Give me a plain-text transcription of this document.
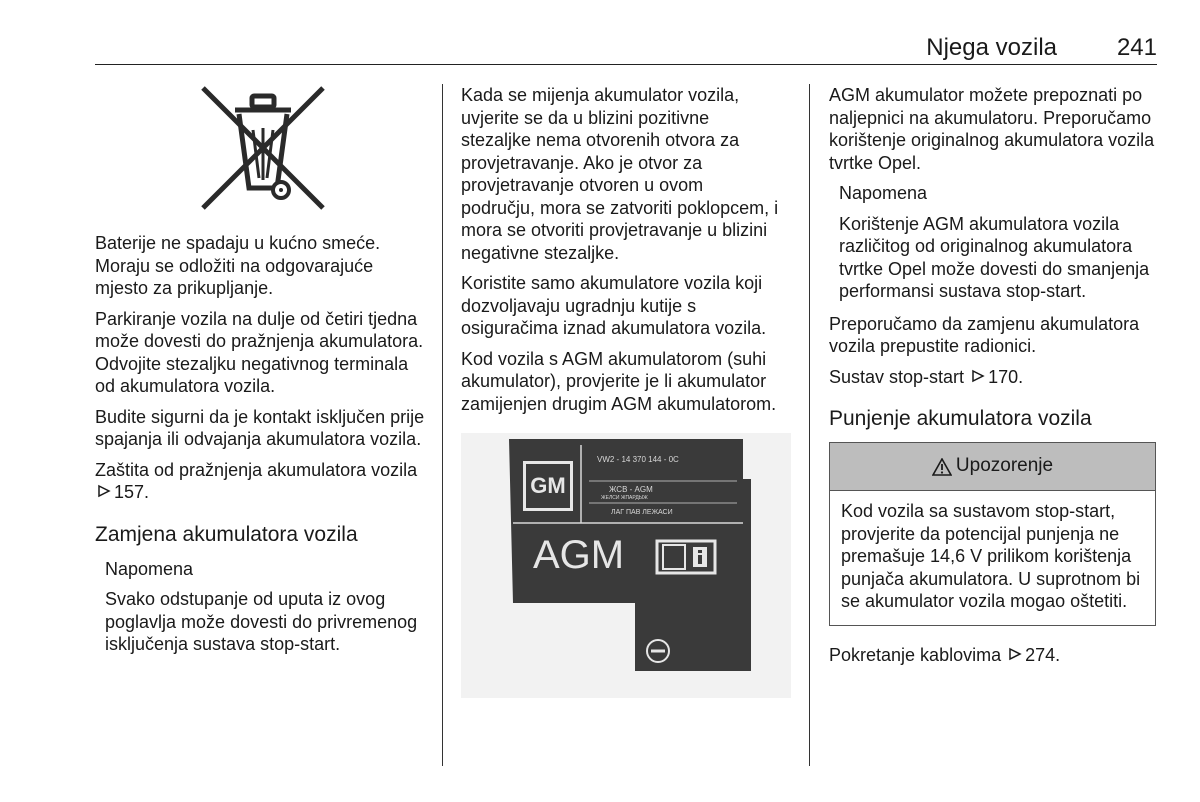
Njega vozila 241

Baterije ne spadaju u kućno smeće. Moraju se odložiti na odgovarajuće mjesto za prikupljanje.

Parkiranje vozila na dulje od četiri tjedna može dovesti do pražnjenja akumulatora. Odvojite stezaljku negativnog terminala od akumulatora vozila.

Budite sigurni da je kontakt isključen prije spajanja ili odvajanja akumulatora vozila.

Zaštita od pražnjenja akumulatora vozila 157.

Zamjena akumulatora vozila

Napomena

Svako odstupanje od uputa iz ovog poglavlja može dovesti do privremenog isključenja sustava stop-start.

Kada se mijenja akumulator vozila, uvjerite se da u blizini pozitivne stezaljke nema otvorenih otvora za provjetravanje. Ako je otvor za provjetravanje otvoren u ovom području, mora se zatvoriti poklopcem, i mora se otvoriti provjetravanje u blizini negativne stezaljke.

Koristite samo akumulatore vozila koji dozvoljavaju ugradnju kutije s osiguračima iznad akumulatora vozila.

Kod vozila s AGM akumulatorom (suhi akumulator), provjerite je li akumulator zamijenjen drugim AGM akumulatorom.

GM
AGM
VW2 - 14 370 144 - 0C
ЖСВ - АGM
ЖЕЛСИ ЖПАРДЫЖ
ЛАГ ПАВ ЛЕЖАСИ

AGM akumulator možete prepoznati po naljepnici na akumulatoru. Preporučamo korištenje originalnog akumulatora vozila tvrtke Opel.

Napomena

Korištenje AGM akumulatora vozila različitog od originalnog akumulatora tvrtke Opel može dovesti do smanjenja performansi sustava stop-start.

Preporučamo da zamjenu akumulatora vozila prepustite radionici.

Sustav stop-start 170.

Punjenje akumulatora vozila
Upozorenje
Kod vozila sa sustavom stop-start, provjerite da potencijal punjenja ne premašuje 14,6 V prilikom korištenja punjača akumulatora. U suprotnom bi se akumulator vozila mogao oštetiti.

Pokretanje kablovima 274.
